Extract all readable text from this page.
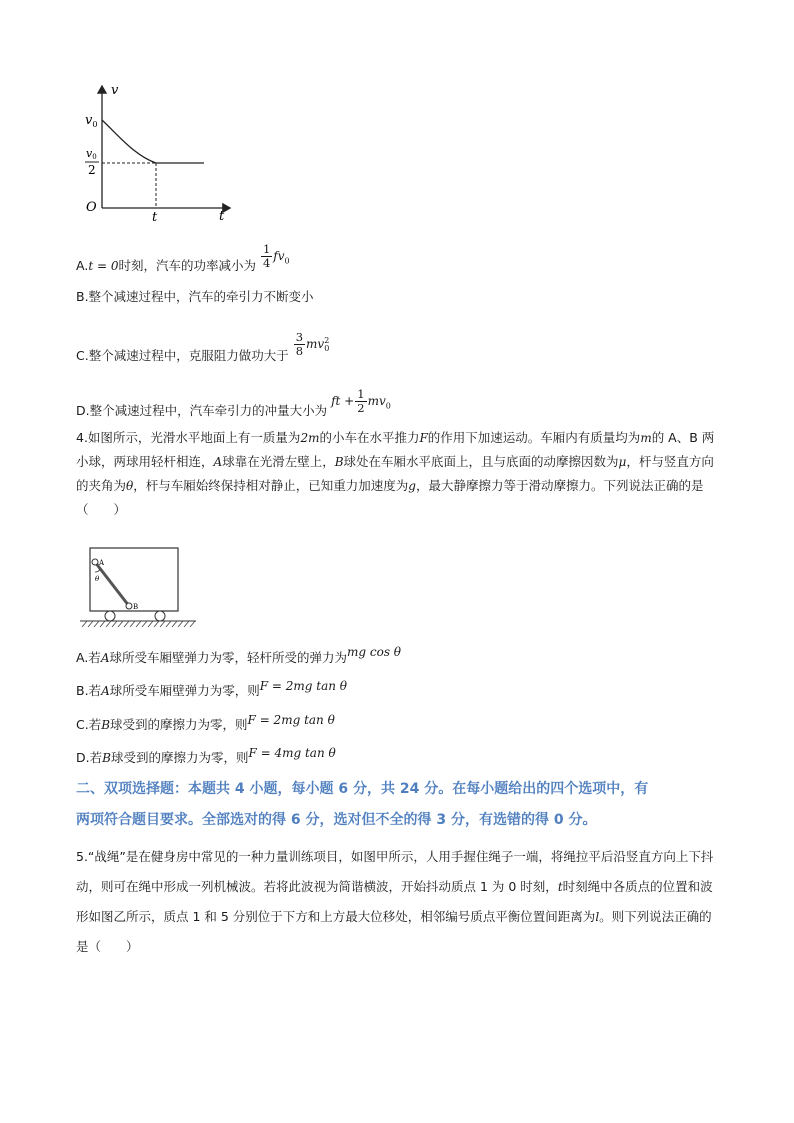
v
t
O
$v_0$
v0
2
t
A.t = 0时刻，汽车的功率减小为 $\frac{1}{4} fv_0$
B.整个减速过程中，汽车的牵引力不断变小
C.整个减速过程中，克服阻力做功大于 $\frac{3}{8}$ mv 2
0
D.整个减速过程中，汽车牵引力的冲量大小为 ft + $\frac{1}{2} mv_0$
4.如图所示，光滑水平地面上有一质量为2m的小车在水平推力F的作用下加速运动。车厢内有质量均为m的 A、B 两小球，两球用轻杆相连，A球靠在光滑左壁上，B球处在车厢水平底面上，且与底面的动摩擦因数为μ，杆与竖直方向的夹角为θ，杆与车厢始终保持相对静止，已知重力加速度为g，最大静摩擦力等于滑动摩擦力。下列说法正确的是（　　）
A
θ
B
A.若A球所受车厢壁弹力为零，轻杆所受的弹力为mg cos θ
B.若A球所受车厢壁弹力为零，则F = 2mg tan θ
C.若B球受到的摩擦力为零，则F = 2mg tan θ
D.若B球受到的摩擦力为零，则F = 4mg tan θ
二、双项选择题：本题共 4 小题，每小题 6 分，共 24 分。在每小题给出的四个选项中，有
两项符合题目要求。全部选对的得 6 分，选对但不全的得 3 分，有选错的得 0 分。
5.“战绳”是在健身房中常见的一种力量训练项目，如图甲所示，人用手握住绳子一端，将绳拉平后沿竖直方向上下抖动，则可在绳中形成一列机械波。若将此波视为简谐横波，开始抖动质点 1 为 0 时刻，t时刻绳中各质点的位置和波形如图乙所示，质点 1 和 5 分别位于下方和上方最大位移处，相邻编号质点平衡位置间距离为l。则下列说法正确的是（　　）
